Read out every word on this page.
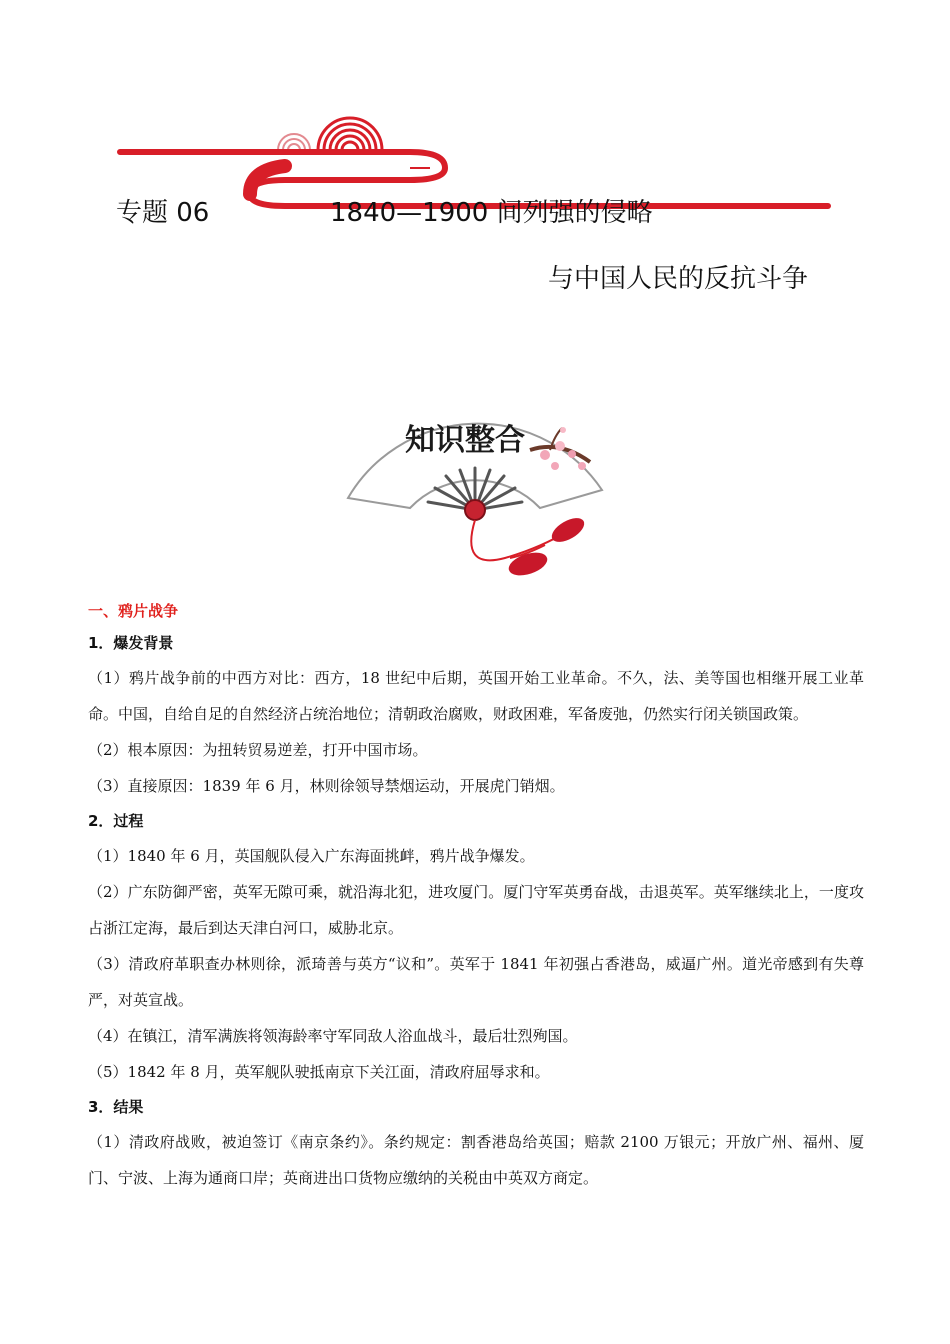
专题 06	1840—1900 间列强的侵略
与中国人民的反抗斗争
知识整合
一、鸦片战争
1．爆发背景

（1）鸦片战争前的中西方对比：西方，18 世纪中后期，英国开始工业革命。不久，法、美等国也相继开展工业革命。中国，自给自足的自然经济占统治地位；清朝政治腐败，财政困难，军备废弛，仍然实行闭关锁国政策。

（2）根本原因：为扭转贸易逆差，打开中国市场。

（3）直接原因：1839 年 6 月，林则徐领导禁烟运动，开展虎门销烟。

2．过程

（1）1840 年 6 月，英国舰队侵入广东海面挑衅，鸦片战争爆发。

（2）广东防御严密，英军无隙可乘，就沿海北犯，进攻厦门。厦门守军英勇奋战，击退英军。英军继续北上，一度攻占浙江定海，最后到达天津白河口，威胁北京。

（3）清政府革职查办林则徐，派琦善与英方“议和”。英军于 1841 年初强占香港岛，威逼广州。道光帝感到有失尊严，对英宣战。

（4）在镇江，清军满族将领海龄率守军同敌人浴血战斗，最后壮烈殉国。

（5）1842 年 8 月，英军舰队驶抵南京下关江面，清政府屈辱求和。

3．结果

（1）清政府战败，被迫签订《南京条约》。条约规定：割香港岛给英国；赔款 2100 万银元；开放广州、福州、厦门、宁波、上海为通商口岸；英商进出口货物应缴纳的关税由中英双方商定。
